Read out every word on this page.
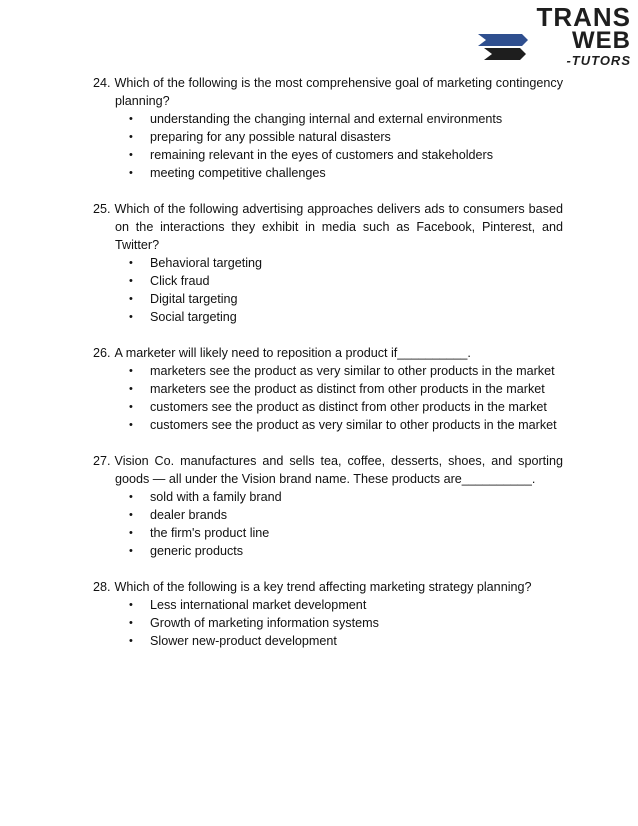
TRANS
WEB
-TUTORS
24. Which of the following is the most comprehensive goal of marketing contingency planning?
• understanding the changing internal and external environments
• preparing for any possible natural disasters
• remaining relevant in the eyes of customers and stakeholders
• meeting competitive challenges
25. Which of the following advertising approaches delivers ads to consumers based on the interactions they exhibit in media such as Facebook, Pinterest, and Twitter?
• Behavioral targeting
• Click fraud
• Digital targeting
• Social targeting
26. A marketer will likely need to reposition a product if__________.
• marketers see the product as very similar to other products in the market
• marketers see the product as distinct from other products in the market
• customers see the product as distinct from other products in the market
• customers see the product as very similar to other products in the market
27. Vision Co. manufactures and sells tea, coffee, desserts, shoes, and sporting goods — all under the Vision brand name. These products are__________.
• sold with a family brand
• dealer brands
• the firm's product line
• generic products
28. Which of the following is a key trend affecting marketing strategy planning?
• Less international market development
• Growth of marketing information systems
• Slower new-product development
